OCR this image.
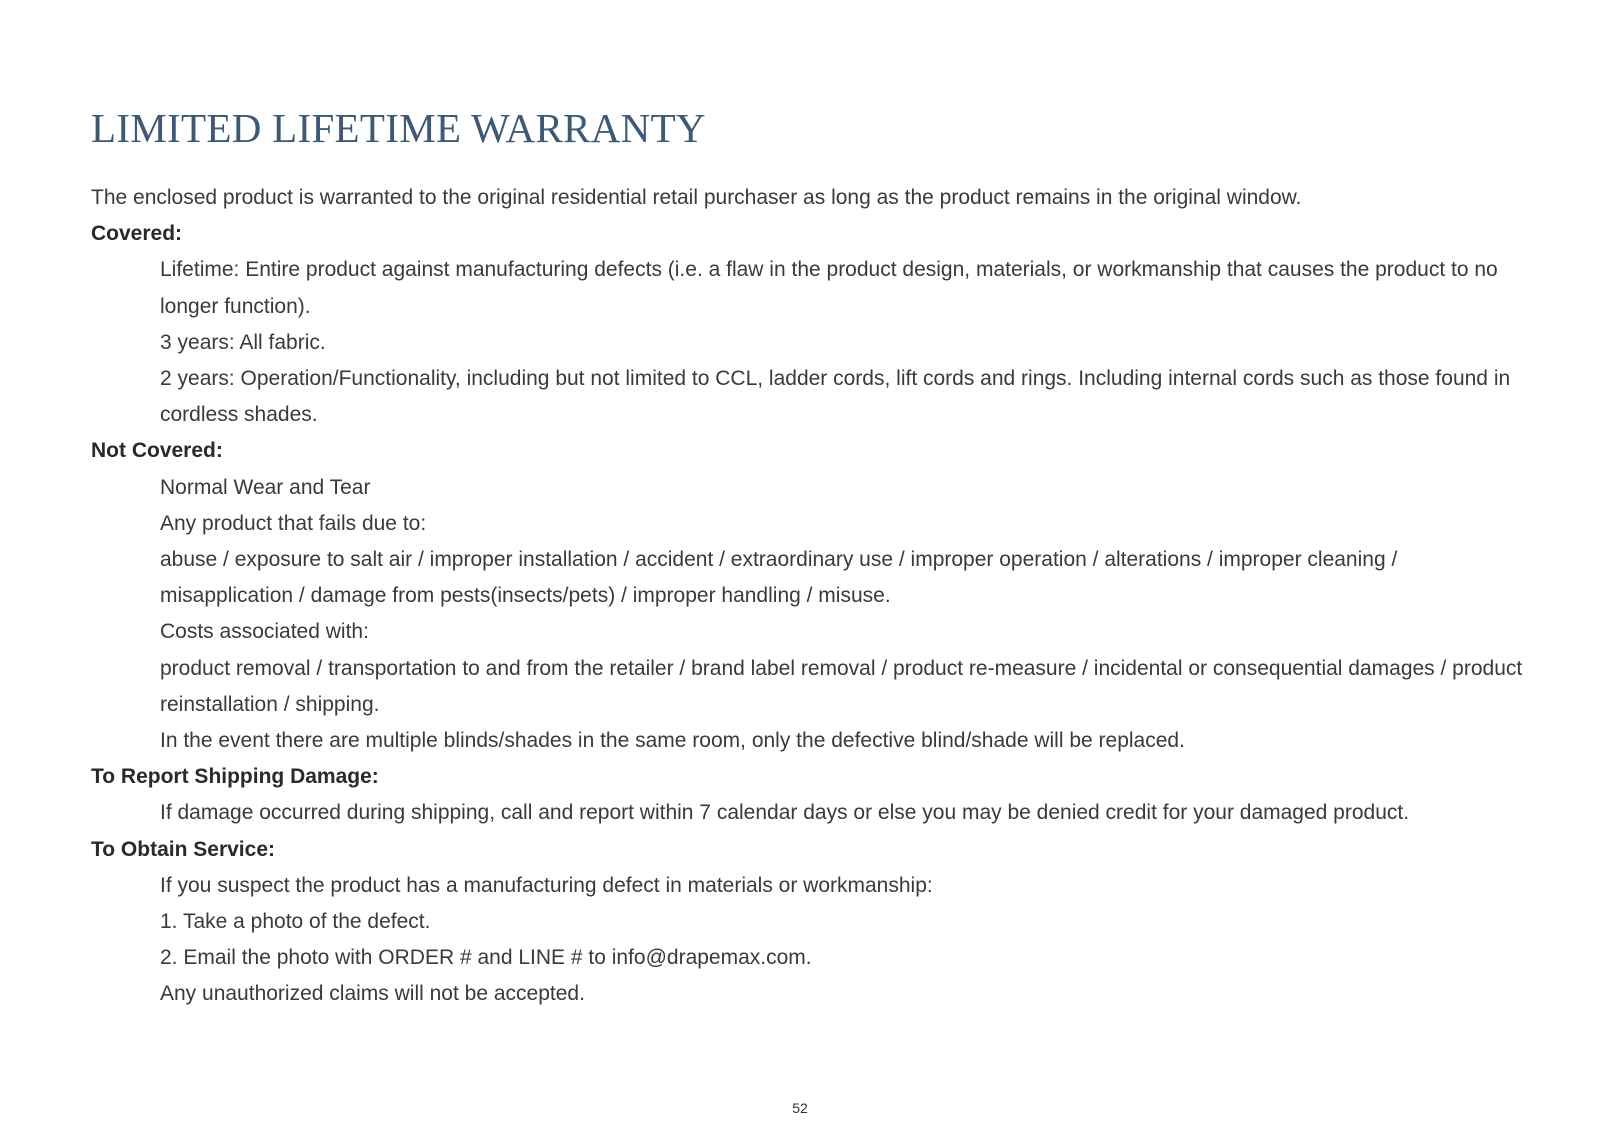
LIMITED LIFETIME WARRANTY

The enclosed product is warranted to the original residential retail purchaser as long as the product remains in the original window.

Covered:

Lifetime: Entire product against manufacturing defects (i.e. a flaw in the product design, materials, or workmanship that causes the product to no longer function).

3 years: All fabric.

2 years: Operation/Functionality, including but not limited to CCL, ladder cords, lift cords and rings. Including internal cords such as those found in cordless shades.

Not Covered:

Normal Wear and Tear

Any product that fails due to:

abuse / exposure to salt air / improper installation / accident / extraordinary use / improper operation / alterations / improper cleaning / misapplication / damage from pests(insects/pets) / improper handling / misuse.

Costs associated with:

product removal / transportation to and from the retailer / brand label removal / product re-measure / incidental or consequential damages / product reinstallation / shipping.

In the event there are multiple blinds/shades in the same room, only the defective blind/shade will be replaced.

To Report Shipping Damage:

If damage occurred during shipping, call and report within 7 calendar days or else you may be denied credit for your damaged product.

To Obtain Service:

If you suspect the product has a manufacturing defect in materials or workmanship:

1. Take a photo of the defect.

2. Email the photo with ORDER # and LINE # to info@drapemax.com.

Any unauthorized claims will not be accepted.

52
